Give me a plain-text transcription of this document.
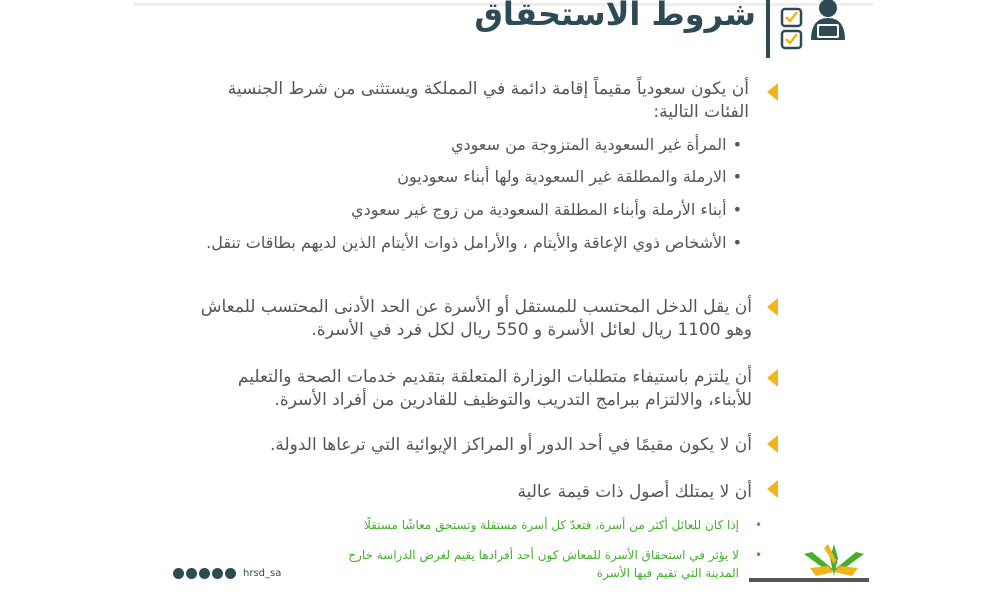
شروط الاستحقاق

أن يكون سعودياً مقيماً إقامة دائمة في المملكة ويستثنى من شرط الجنسية الفئات التالية:

•المرأة غير السعودية المتزوجة من سعودي
•الارملة والمطلقة غير السعودية ولها أبناء سعوديون
•أبناء الأرملة وأبناء المطلقة السعودية من زوج غير سعودي
•الأشخاص ذوي الإعاقة والأيتام ، والأرامل ذوات الأيتام الذين لديهم بطاقات تنقل.

أن يقل الدخل المحتسب للمستقل أو الأسرة عن الحد الأدنى المحتسب للمعاش وهو 1100 ريال لعائل الأسرة و 550 ريال لكل فرد في الأسرة.

أن يلتزم باستيفاء متطلبات الوزارة المتعلقة بتقديم خدمات الصحة والتعليم للأبناء، والالتزام ببرامج التدريب والتوظيف للقادرين من أفراد الأسرة.

أن لا يكون مقيمًا في أحد الدور أو المراكز الإيوائية التي ترعاها الدولة.

أن لا يمتلك أصول ذات قيمة عالية

•
إذا كان للعائل أكثر من أسرة، فتعدّ كل أسرة مستقلة وتستحق معاشًا مستقلًا
•
لا يؤثر في استحقاق الأسرة للمعاش كون أحد أفرادها يقيم لغرض الدراسة خارج المدينة التي تقيم فيها الأسرة
hrsd_sa
